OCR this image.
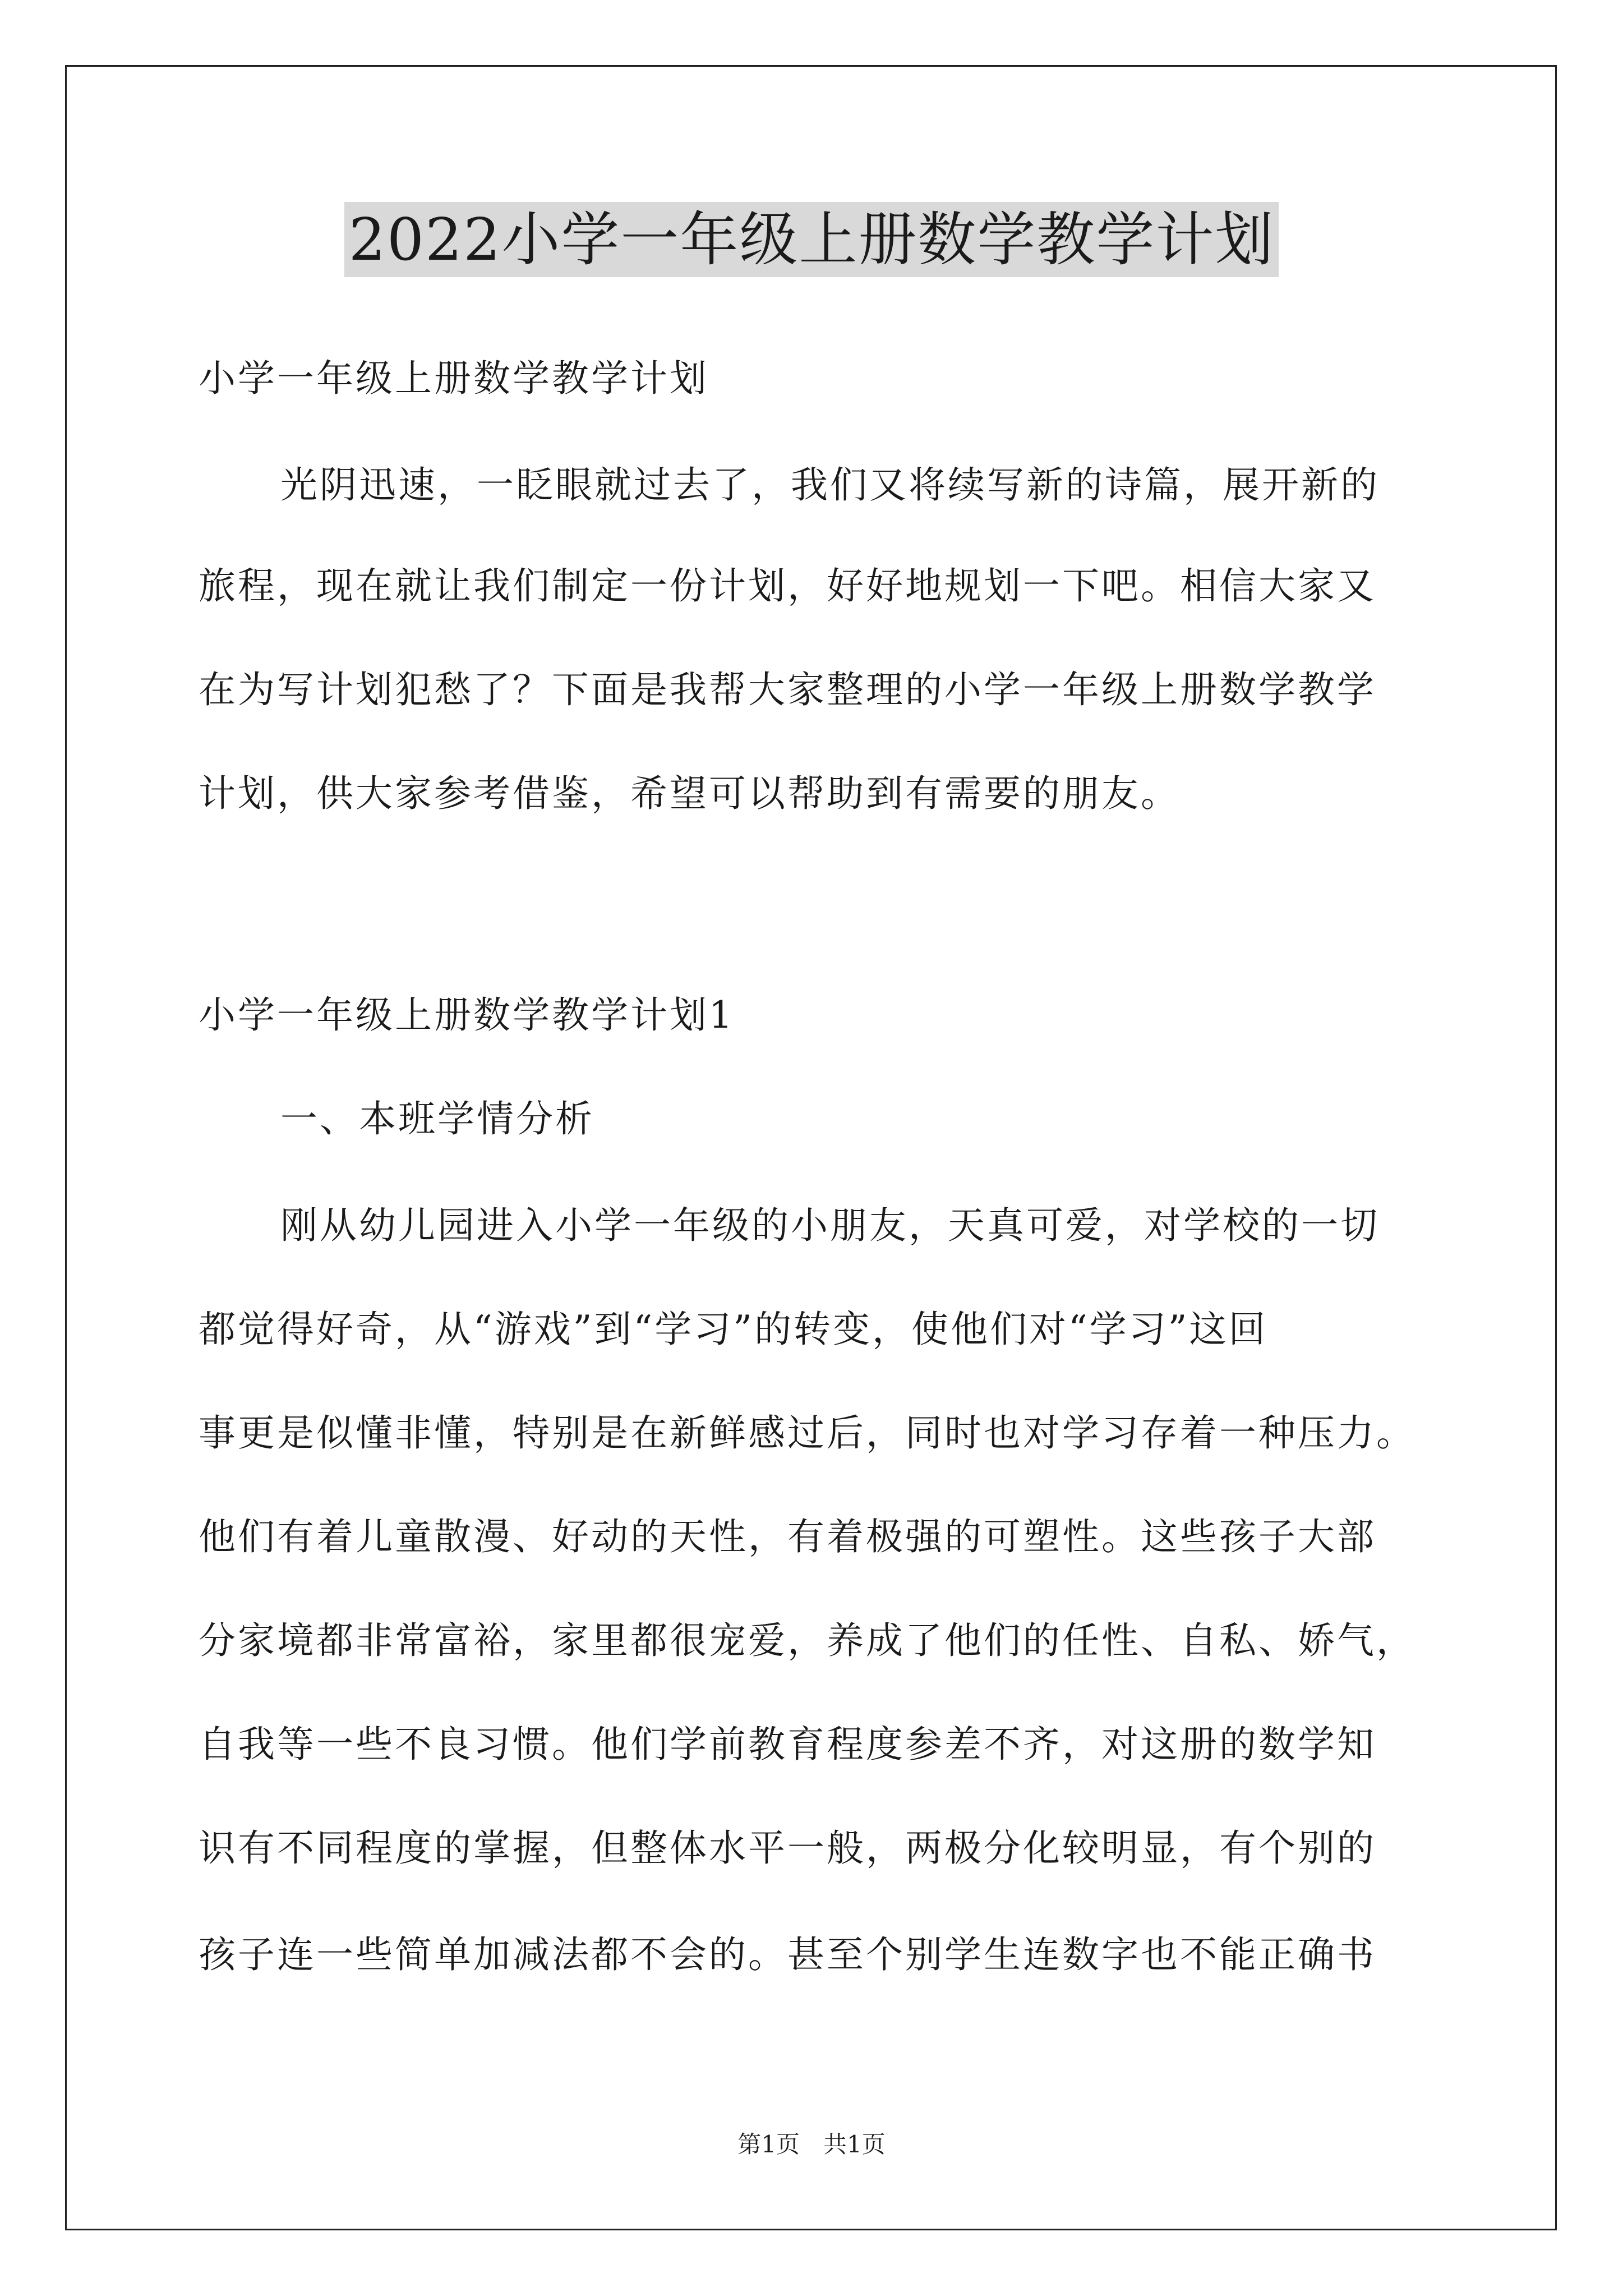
2022小学一年级上册数学教学计划
小学一年级上册数学教学计划
光阴迅速，一眨眼就过去了，我们又将续写新的诗篇，展开新的
旅程，现在就让我们制定一份计划，好好地规划一下吧。相信大家又
在为写计划犯愁了？下面是我帮大家整理的小学一年级上册数学教学
计划，供大家参考借鉴，希望可以帮助到有需要的朋友。
小学一年级上册数学教学计划1
一、本班学情分析
刚从幼儿园进入小学一年级的小朋友，天真可爱，对学校的一切
都觉得好奇，从“游戏”到“学习”的转变，使他们对“学习”这回
事更是似懂非懂，特别是在新鲜感过后，同时也对学习存着一种压力。
他们有着儿童散漫、好动的天性，有着极强的可塑性。这些孩子大部
分家境都非常富裕，家里都很宠爱，养成了他们的任性、自私、娇气，
自我等一些不良习惯。他们学前教育程度参差不齐，对这册的数学知
识有不同程度的掌握，但整体水平一般，两极分化较明显，有个别的
孩子连一些简单加减法都不会的。甚至个别学生连数字也不能正确书
第1页　共1页
